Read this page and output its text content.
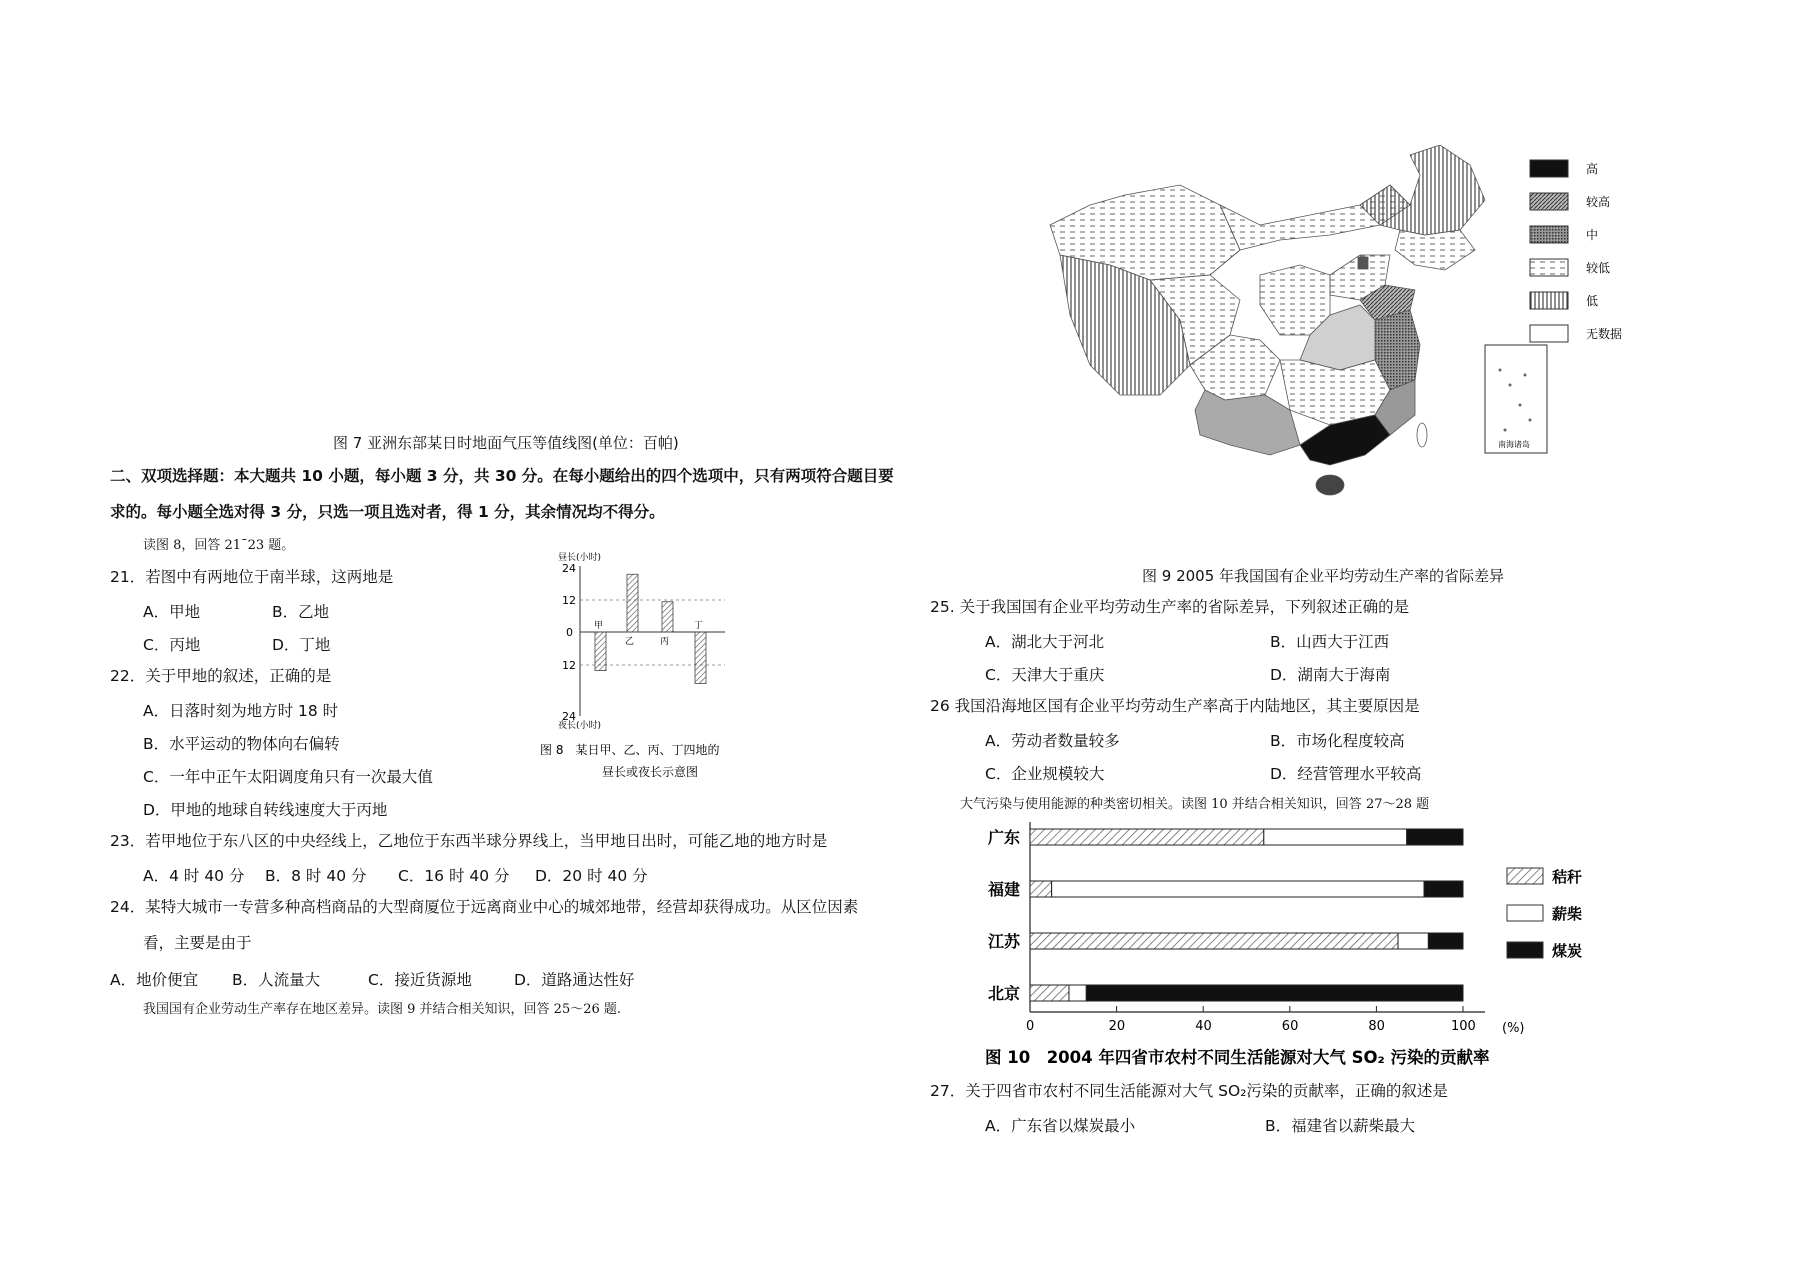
图 7 亚洲东部某日时地面气压等值线图(单位：百帕)
二、双项选择题：本大题共 10 小题，每小题 3 分，共 30 分。在每小题给出的四个选项中，只有两项符合题目要
求的。每小题全选对得 3 分，只选一项且选对者，得 1 分，其余情况均不得分。
读图 8，回答 21¯23 题。
21．若图中有两地位于南半球，这两地是
A．甲地	B．乙地
C．丙地	D．丁地
22．关于甲地的叙述，正确的是
A．日落时刻为地方时 18 时
B．水平运动的物体向右偏转
C．一年中正午太阳调度角只有一次最大值
D．甲地的地球自转线速度大于丙地
23．若甲地位于东八区的中央经线上，乙地位于东西半球分界线上，当甲地日出时，可能乙地的地方时是
A．4 时 40 分 B．8 时 40 分 C．16 时 40 分 D．20 时 40 分
24．某特大城市一专营多种高档商品的大型商厦位于远离商业中心的城郊地带，经营却获得成功。从区位因素
看，主要是由于
A．地价便宜 B．人流量大	C．接近货源地	D．道路通达性好
我国国有企业劳动生产率存在地区差异。读图 9 并结合相关知识，回答 25～26 题.
昼长(小时)
24
12
0
12
24
甲
乙	丙
丁
夜长(小时)
图 8　某日甲、乙、丙、丁四地的
昼长或夜长示意图
南海诸岛
高
较高
中
较低
低
无数据
图 9 2005 年我国国有企业平均劳动生产率的省际差异
25. 关于我国国有企业平均劳动生产率的省际差异，下列叙述正确的是
A．湖北大于河北	B．山西大于江西
C．天津大于重庆	D．湖南大于海南
26 我国沿海地区国有企业平均劳动生产率高于内陆地区，其主要原因是
A．劳动者数量较多	B．市场化程度较高
C．企业规模较大	D．经营管理水平较高
大气污染与使用能源的种类密切相关。读图 10 并结合相关知识，回答 27～28 题
0	20	40	60	80	100
广东
福建
江苏
北京
(%)
秸秆
薪柴
煤炭
图 10　2004 年四省市农村不同生活能源对大气 SO₂ 污染的贡献率
27．关于四省市农村不同生活能源对大气 SO₂污染的贡献率，正确的叙述是
A．广东省以煤炭最小	B．福建省以薪柴最大
